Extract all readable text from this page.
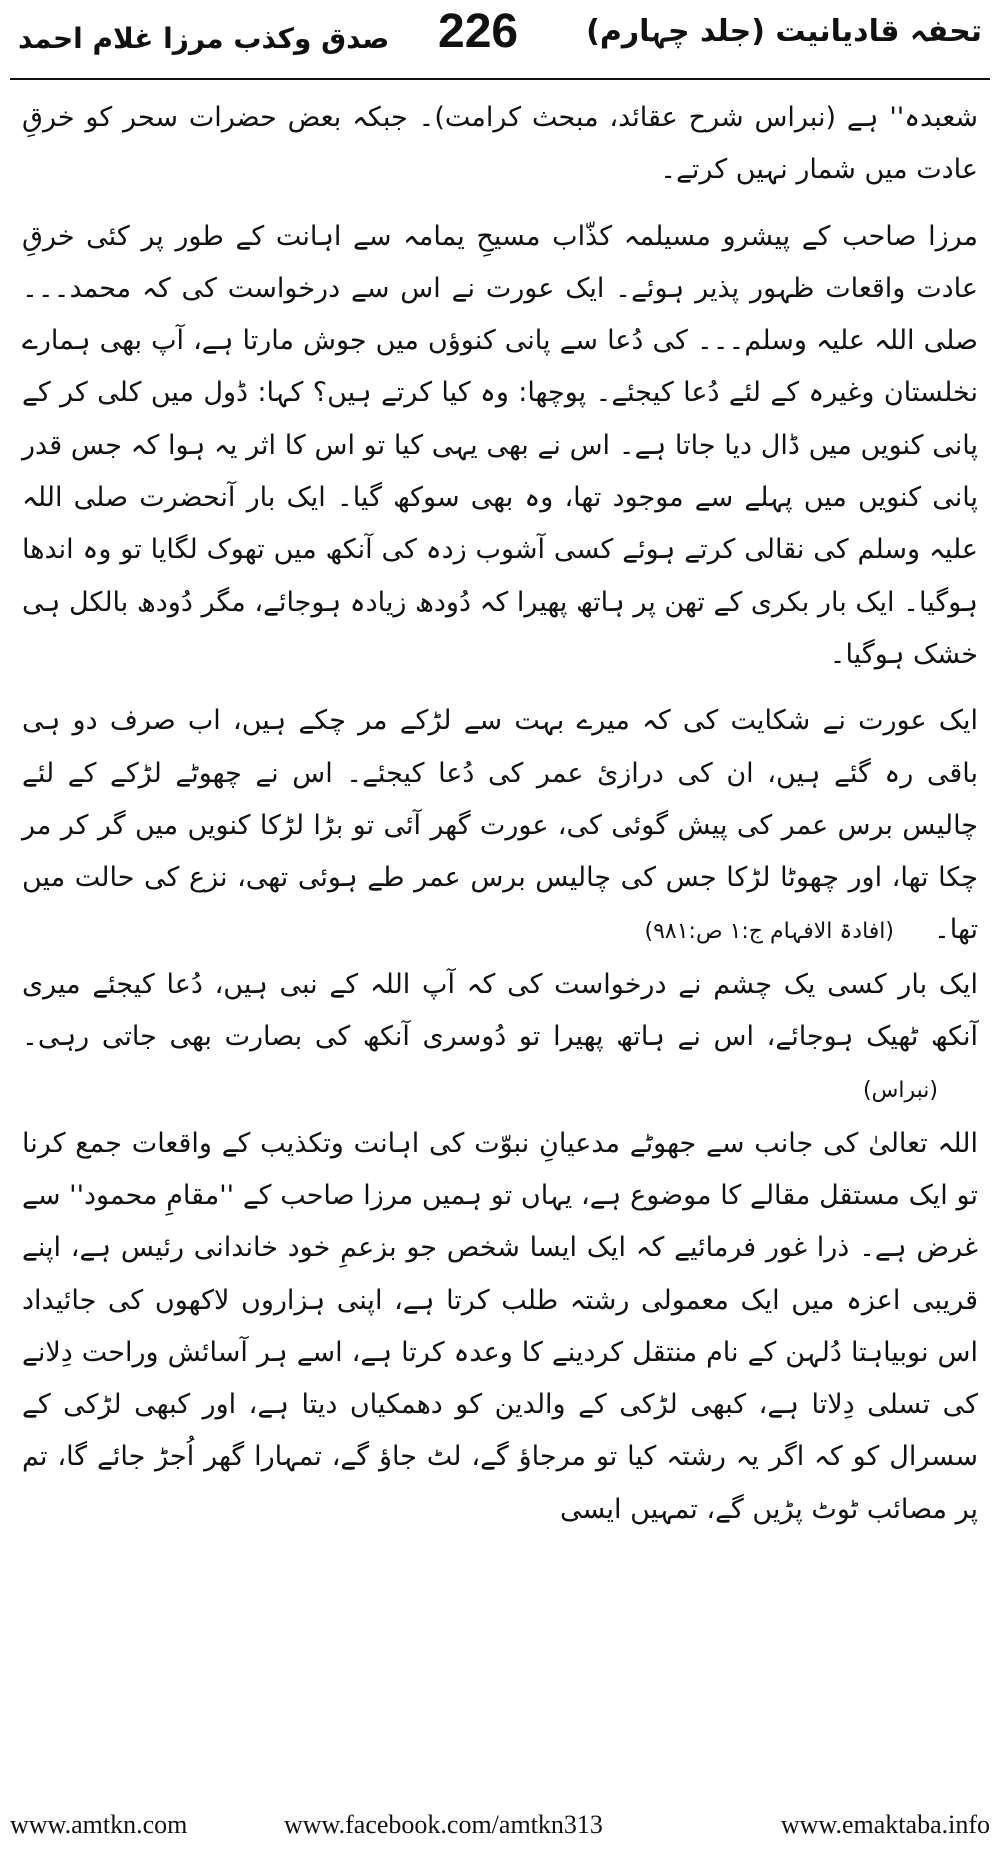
تحفہ قادیانیت (جلد چہارم)
226
صدق وکذب مرزا غلام احمد

شعبدہ'' ہے (نبراس شرح عقائد، مبحث کرامت)۔ جبکہ بعض حضرات سحر کو خرقِ عادت میں شمار نہیں کرتے۔

مرزا صاحب کے پیشرو مسیلمہ کذّاب مسیحِ یمامہ سے اہانت کے طور پر کئی خرقِ عادت واقعات ظہور پذیر ہوئے۔ ایک عورت نے اس سے درخواست کی کہ محمد۔۔۔ صلی اللہ علیہ وسلم۔۔۔ کی دُعا سے پانی کنوؤں میں جوش مارتا ہے، آپ بھی ہمارے نخلستان وغیرہ کے لئے دُعا کیجئے۔ پوچھا: وہ کیا کرتے ہیں؟ کہا: ڈول میں کلی کر کے پانی کنویں میں ڈال دیا جاتا ہے۔ اس نے بھی یہی کیا تو اس کا اثر یہ ہوا کہ جس قدر پانی کنویں میں پہلے سے موجود تھا، وہ بھی سوکھ گیا۔ ایک بار آنحضرت صلی اللہ علیہ وسلم کی نقالی کرتے ہوئے کسی آشوب زدہ کی آنکھ میں تھوک لگایا تو وہ اندھا ہوگیا۔ ایک بار بکری کے تھن پر ہاتھ پھیرا کہ دُودھ زیادہ ہوجائے، مگر دُودھ بالکل ہی خشک ہوگیا۔

ایک عورت نے شکایت کی کہ میرے بہت سے لڑکے مر چکے ہیں، اب صرف دو ہی باقی رہ گئے ہیں، ان کی درازیٔ عمر کی دُعا کیجئے۔ اس نے چھوٹے لڑکے کے لئے چالیس برس عمر کی پیش گوئی کی، عورت گھر آئی تو بڑا لڑکا کنویں میں گر کر مر چکا تھا، اور چھوٹا لڑکا جس کی چالیس برس عمر طے ہوئی تھی، نزع کی حالت میں تھا۔(افادۃ الافہام ج:۱ ص:۹۸۱)

ایک بار کسی یک چشم نے درخواست کی کہ آپ اللہ کے نبی ہیں، دُعا کیجئے میری آنکھ ٹھیک ہوجائے، اس نے ہاتھ پھیرا تو دُوسری آنکھ کی بصارت بھی جاتی رہی۔(نبراس)

اللہ تعالیٰ کی جانب سے جھوٹے مدعیانِ نبوّت کی اہانت وتکذیب کے واقعات جمع کرنا تو ایک مستقل مقالے کا موضوع ہے، یہاں تو ہمیں مرزا صاحب کے ''مقامِ محمود'' سے غرض ہے۔ ذرا غور فرمائیے کہ ایک ایسا شخص جو بزعمِ خود خاندانی رئیس ہے، اپنے قریبی اعزہ میں ایک معمولی رشتہ طلب کرتا ہے، اپنی ہزاروں لاکھوں کی جائیداد اس نوبیاہتا دُلہن کے نام منتقل کردینے کا وعدہ کرتا ہے، اسے ہر آسائش وراحت دِلانے کی تسلی دِلاتا ہے، کبھی لڑکی کے والدین کو دھمکیاں دیتا ہے، اور کبھی لڑکی کے سسرال کو کہ اگر یہ رشتہ کیا تو مرجاؤ گے، لٹ جاؤ گے، تمہارا گھر اُجڑ جائے گا، تم پر مصائب ٹوٹ پڑیں گے، تمہیں ایسی

www.amtkn.com	www.facebook.com/amtkn313	www.emaktaba.info
